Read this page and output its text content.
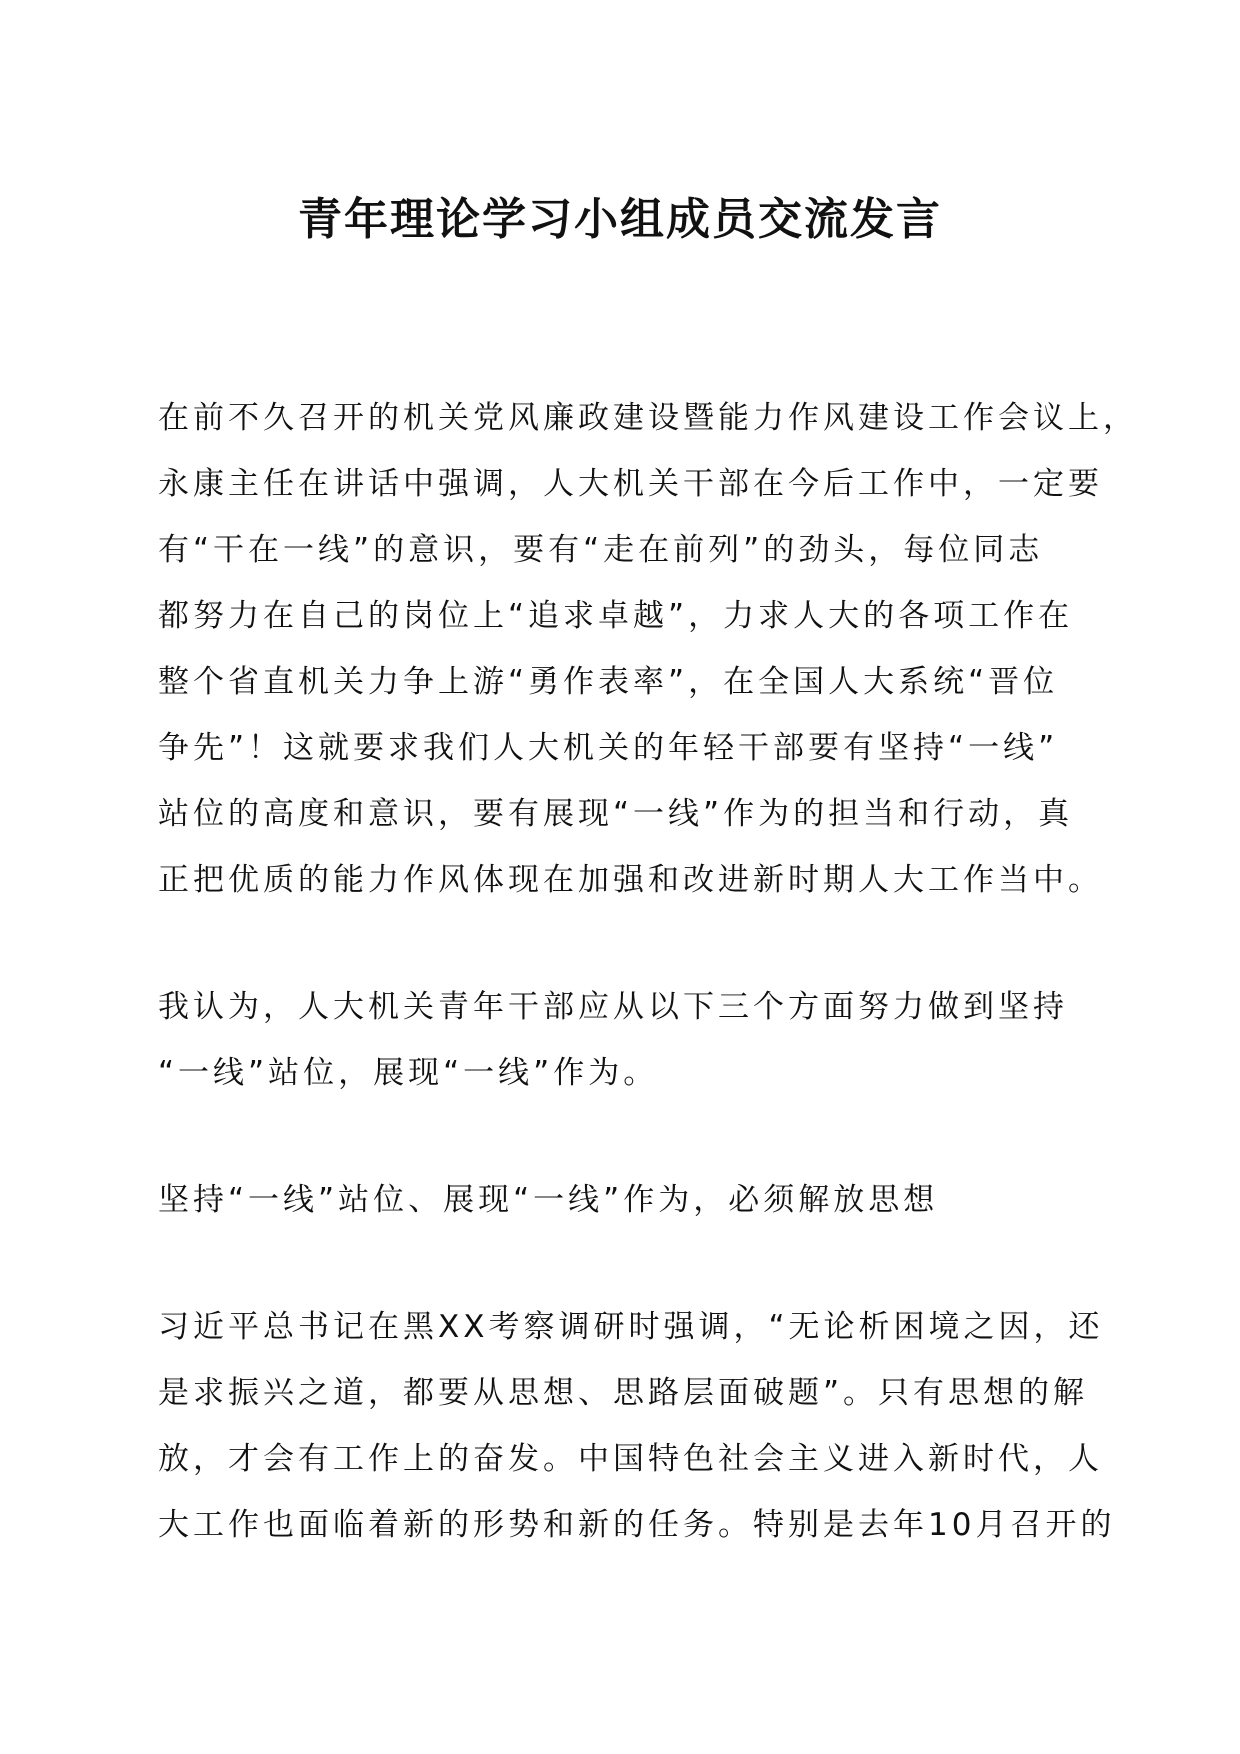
青年理论学习小组成员交流发言
在前不久召开的机关党风廉政建设暨能力作风建设工作会议上，
永康主任在讲话中强调，人大机关干部在今后工作中，一定要
有“干在一线”的意识，要有“走在前列”的劲头，每位同志
都努力在自己的岗位上“追求卓越”，力求人大的各项工作在
整个省直机关力争上游“勇作表率”，在全国人大系统“晋位
争先”！这就要求我们人大机关的年轻干部要有坚持“一线”
站位的高度和意识，要有展现“一线”作为的担当和行动，真
正把优质的能力作风体现在加强和改进新时期人大工作当中。
我认为，人大机关青年干部应从以下三个方面努力做到坚持
“一线”站位，展现“一线”作为。
坚持“一线”站位、展现“一线”作为，必须解放思想
习近平总书记在黑XX考察调研时强调，“无论析困境之因，还
是求振兴之道，都要从思想、思路层面破题”。只有思想的解
放，才会有工作上的奋发。中国特色社会主义进入新时代，人
大工作也面临着新的形势和新的任务。特别是去年10月召开的
